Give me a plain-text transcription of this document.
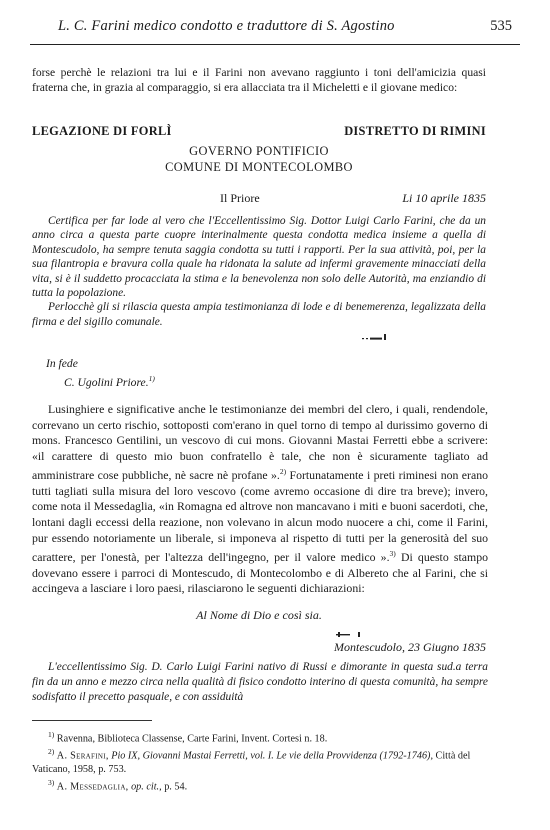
L. C. Farini medico condotto e traduttore di S. Agostino	535
forse perchè le relazioni tra lui e il Farini non avevano raggiunto i toni dell'amicizia quasi fraterna che, in grazia al comparaggio, si era allacciata tra il Micheletti e il giovane medico:
LEGAZIONE DI FORLÌ	DISTRETTO DI RIMINI
GOVERNO PONTIFICIO
COMUNE DI MONTECOLOMBO
Il Priore	Li 10 aprile 1835

Certifica per far lode al vero che l'Eccellentissimo Sig. Dottor Luigi Carlo Farini, che da un anno circa a questa parte cuopre interinalmente questa condotta medica insieme a quella di Montescudolo, ha sempre tenuta saggia condotta su tutti i rapporti. Per la sua attività, poi, per la sua filantropia e bravura colla quale ha ridonata la salute ad infermi gravemente minacciati della vita, si è il suddetto procacciata la stima e la benevolenza non solo delle Autorità, ma enziandio di tutta la popolazione.

Perlocchè gli si rilascia questa ampia testimonianza di lode e di benemerenza, legalizzata della firma e del sigillo comunale.

In fede
C. Ugolini Priore.$^{1)}$

Lusinghiere e significative anche le testimonianze dei membri del clero, i quali, rendendole, correvano un certo rischio, sottoposti com'erano in quel torno di tempo al durissimo governo di mons. Francesco Gentilini, un vescovo di cui mons. Giovanni Mastai Ferretti ebbe a scrivere: «il carattere di questo mio buon confratello è tale, che non è sicuramente tagliato ad amministrare cose pubbliche, nè sacre nè profane ».$^{2)}$ Fortunatamente i preti riminesi non erano tutti tagliati sulla misura del loro vescovo (come avremo occasione di dire tra breve); invero, come nota il Messedaglia, «in Romagna ed altrove non mancavano i miti e buoni sacerdoti, che, lontani dagli eccessi della reazione, non volevano in alcun modo nuocere a chi, come il Farini, pur essendo notoriamente un liberale, si imponeva al rispetto di tutti per la generosità del suo carattere, per l'onestà, per l'altezza dell'ingegno, per il valore medico ».$^{3)}$ Di questo stampo dovevano essere i parroci di Montescudo, di Montecolombo e di Albereto che al Farini, che si accingeva a lasciare i loro paesi, rilasciarono le seguenti dichiarazioni:

Al Nome di Dio e così sia.
Montescudolo, 23 Giugno 1835

L'eccellentissimo Sig. D. Carlo Luigi Farini nativo di Russi e dimorante in questa sud.a terra fin da un anno e mezzo circa nella qualità di fisico condotto interino di questa comunità, ha sempre sodisfatto il precetto pasquale, e con assiduità

$^{1)}$ Ravenna, Biblioteca Classense, Carte Farini, Invent. Cortesi n. 18.
$^{2)}$ A. Serafini, Pio IX, Giovanni Mastai Ferretti, vol. I. Le vie della Provvidenza (1792-1746), Città del Vaticano, 1958, p. 753.
$^{3)}$ A. Messedaglia, op. cit., p. 54.
